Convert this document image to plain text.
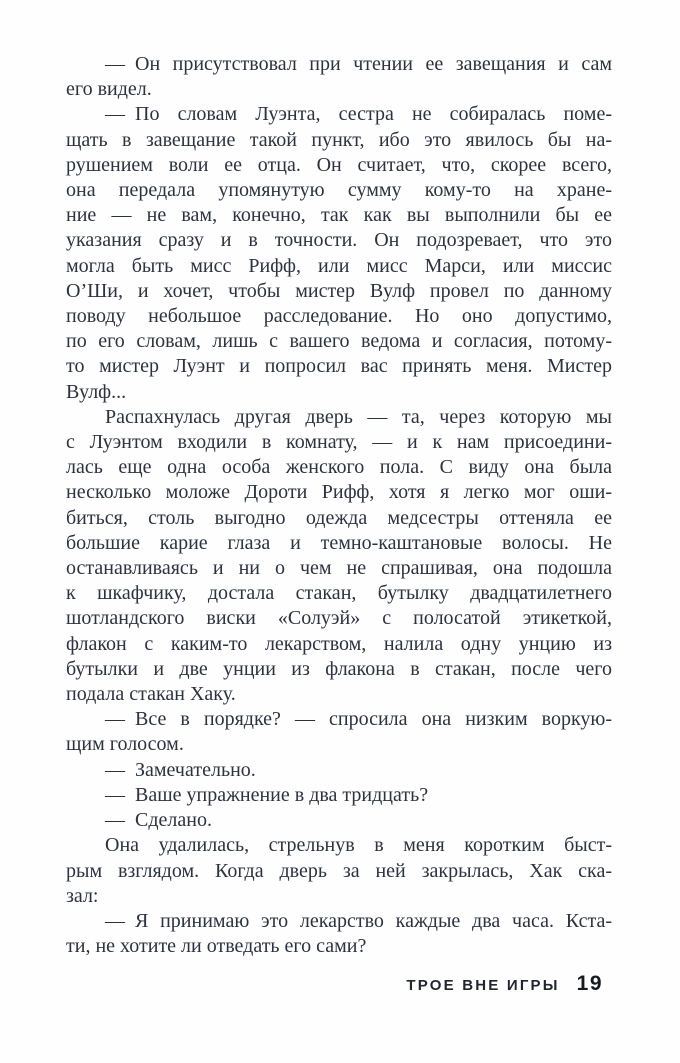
— Он присутствовал при чтении ее завещания и сам
его видел.
— По словам Луэнта, сестра не собиралась поме-
щать в завещание такой пункт, ибо это явилось бы на-
рушением воли ее отца. Он считает, что, скорее всего,
она передала упомянутую сумму кому-то на хране-
ние — не вам, конечно, так как вы выполнили бы ее
указания сразу и в точности. Он подозревает, что это
могла быть мисс Рифф, или мисс Марси, или миссис
О’Ши, и хочет, чтобы мистер Вулф провел по данному
поводу небольшое расследование. Но оно допустимо,
по его словам, лишь с вашего ведома и согласия, потому-
то мистер Луэнт и попросил вас принять меня. Мистер
Вулф...
Распахнулась другая дверь — та, через которую мы
с Луэнтом входили в комнату, — и к нам присоедини-
лась еще одна особа женского пола. С виду она была
несколько моложе Дороти Рифф, хотя я легко мог оши-
биться, столь выгодно одежда медсестры оттеняла ее
большие карие глаза и темно-каштановые волосы. Не
останавливаясь и ни о чем не спрашивая, она подошла
к шкафчику, достала стакан, бутылку двадцатилетнего
шотландского виски «Солуэй» с полосатой этикеткой,
флакон с каким-то лекарством, налила одну унцию из
бутылки и две унции из флакона в стакан, после чего
подала стакан Хаку.
— Все в порядке? — спросила она низким воркую-
щим голосом.
— Замечательно.
— Ваше упражнение в два тридцать?
— Сделано.
Она удалилась, стрельнув в меня коротким быст-
рым взглядом. Когда дверь за ней закрылась, Хак ска-
зал:
— Я принимаю это лекарство каждые два часа. Кста-
ти, не хотите ли отведать его сами?
ТРОЕ ВНЕ ИГРЫ 19
